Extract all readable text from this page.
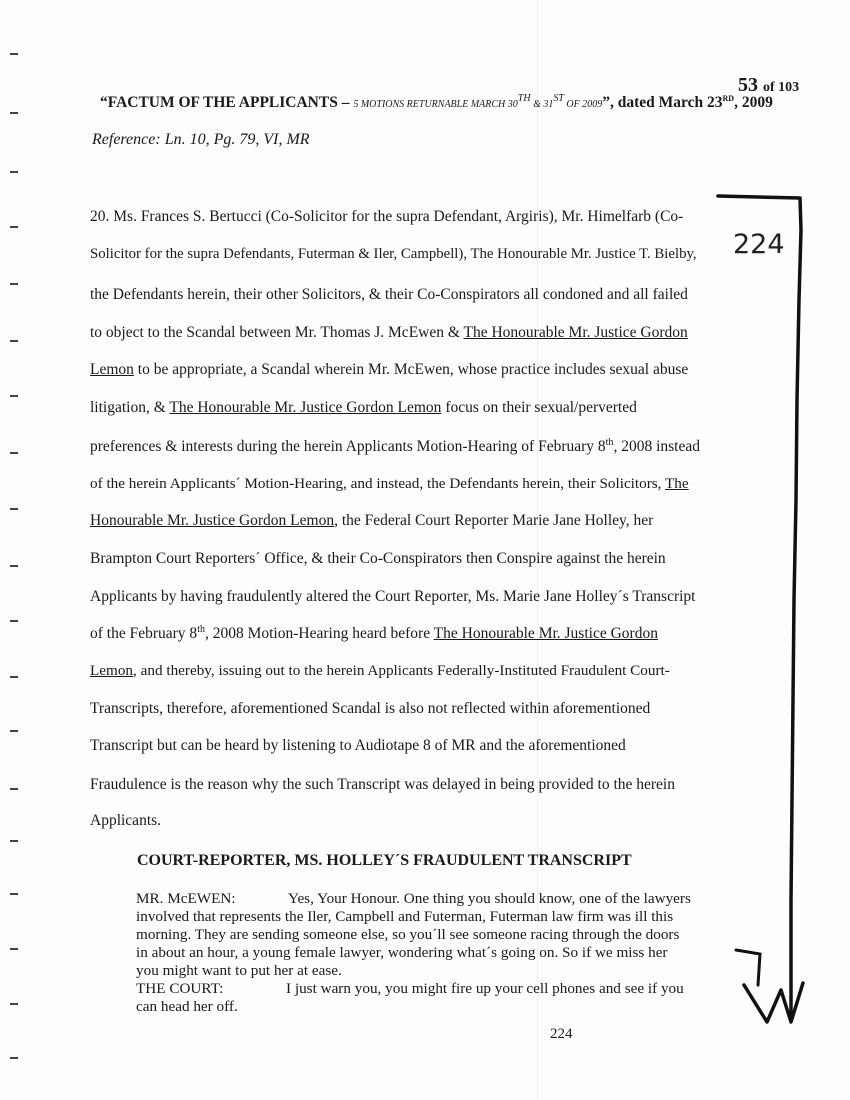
53 of 103
“FACTUM OF THE APPLICANTS – 5 MOTIONS RETURNABLE MARCH 30TH & 31ST OF 2009”, dated March 23RD, 2009
Reference: Ln. 10, Pg. 79, VI, MR
20. Ms. Frances S. Bertucci (Co-Solicitor for the supra Defendant, Argiris), Mr. Himelfarb (Co-
Solicitor for the supra Defendants, Futerman & Iler, Campbell), The Honourable Mr. Justice T. Bielby,
the Defendants herein, their other Solicitors, & their Co-Conspirators all condoned and all failed
to object to the Scandal between Mr. Thomas J. McEwen & The Honourable Mr. Justice Gordon
Lemon to be appropriate, a Scandal wherein Mr. McEwen, whose practice includes sexual abuse
litigation, & The Honourable Mr. Justice Gordon Lemon focus on their sexual/perverted
preferences & interests during the herein Applicants Motion-Hearing of February 8th, 2008 instead
of the herein Applicants´ Motion-Hearing, and instead, the Defendants herein, their Solicitors, The
Honourable Mr. Justice Gordon Lemon, the Federal Court Reporter Marie Jane Holley, her
Brampton Court Reporters´ Office, & their Co-Conspirators then Conspire against the herein
Applicants by having fraudulently altered the Court Reporter, Ms. Marie Jane Holley´s Transcript
of the February 8th, 2008 Motion-Hearing heard before The Honourable Mr. Justice Gordon
Lemon, and thereby, issuing out to the herein Applicants Federally-Instituted Fraudulent Court-
Transcripts, therefore, aforementioned Scandal is also not reflected within aforementioned
Transcript but can be heard by listening to Audiotape 8 of MR and the aforementioned
Fraudulence is the reason why the such Transcript was delayed in being provided to the herein
Applicants.
COURT-REPORTER, MS. HOLLEY´S FRAUDULENT TRANSCRIPT
MR. McEWEN:	Yes, Your Honour. One thing you should know, one of the lawyers
involved that represents the Iler, Campbell and Futerman, Futerman law firm was ill this
morning. They are sending someone else, so you´ll see someone racing through the doors
in about an hour, a young female lawyer, wondering what´s going on. So if we miss her
you might want to put her at ease.
THE COURT:	I just warn you, you might fire up your cell phones and see if you
can head her off.
224
224
